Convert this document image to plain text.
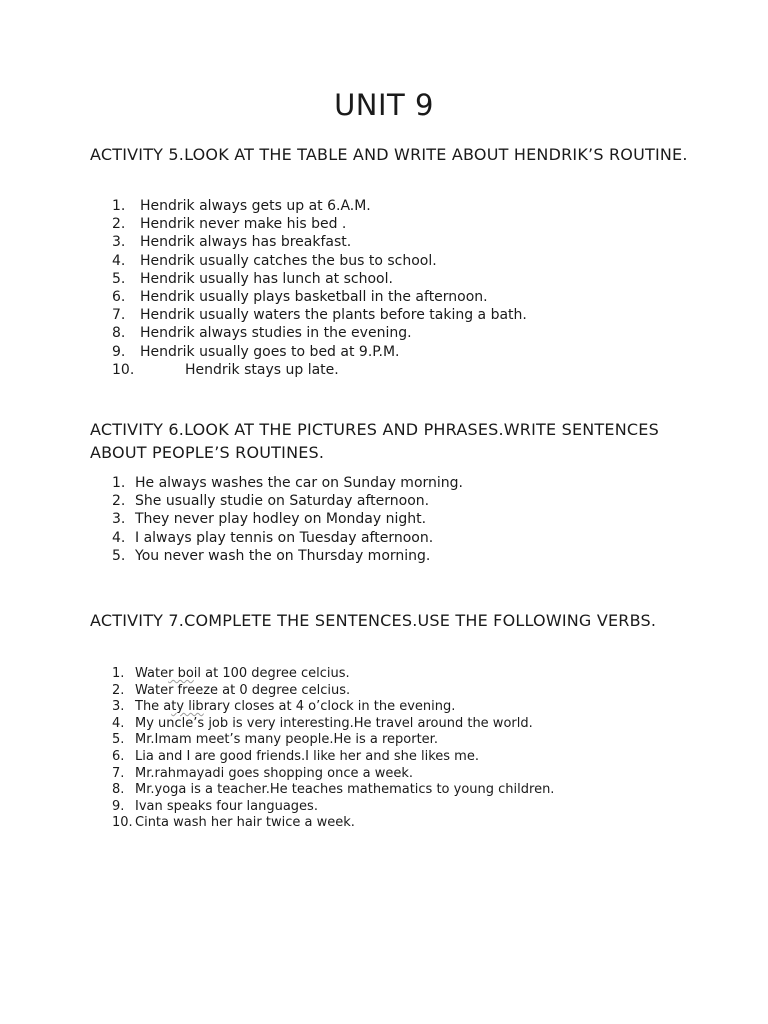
UNIT 9
ACTIVITY 5.LOOK AT THE TABLE AND WRITE ABOUT HENDRIK’S ROUTINE.
1.	Hendrik always gets up at 6.A.M.
2.	Hendrik never make his bed .
3.	Hendrik always has breakfast.
4.	Hendrik usually catches the bus to school.
5.	Hendrik usually has lunch at school.
6.	Hendrik usually plays basketball in the afternoon.
7.	Hendrik usually waters the plants before taking a bath.
8.	Hendrik always studies in the evening.
9.	Hendrik usually goes to bed at 9.P.M.
10.	Hendrik stays up late.
ACTIVITY 6.LOOK AT THE PICTURES AND PHRASES.WRITE SENTENCES ABOUT PEOPLE’S ROUTINES.
1. He always washes the car on Sunday morning.
2. She usually studie on Saturday afternoon.
3. They never play hodley on Monday night.
4. I always play tennis on Tuesday afternoon.
5. You never wash the on Thursday morning.
ACTIVITY 7.COMPLETE THE SENTENCES.USE THE FOLLOWING VERBS.
1. Water boil at 100 degree celcius.
2. Water freeze at 0 degree celcius.
3. The aty library closes at 4 o’clock in the evening.
4. My uncle’s job is very interesting.He travel around the world.
5. Mr.Imam meet’s many people.He is a reporter.
6. Lia and I are good friends.I like her and she likes me.
7. Mr.rahmayadi goes shopping once a week.
8. Mr.yoga is a teacher.He teaches mathematics to young children.
9. Ivan speaks four languages.
10. Cinta wash her hair twice a week.
